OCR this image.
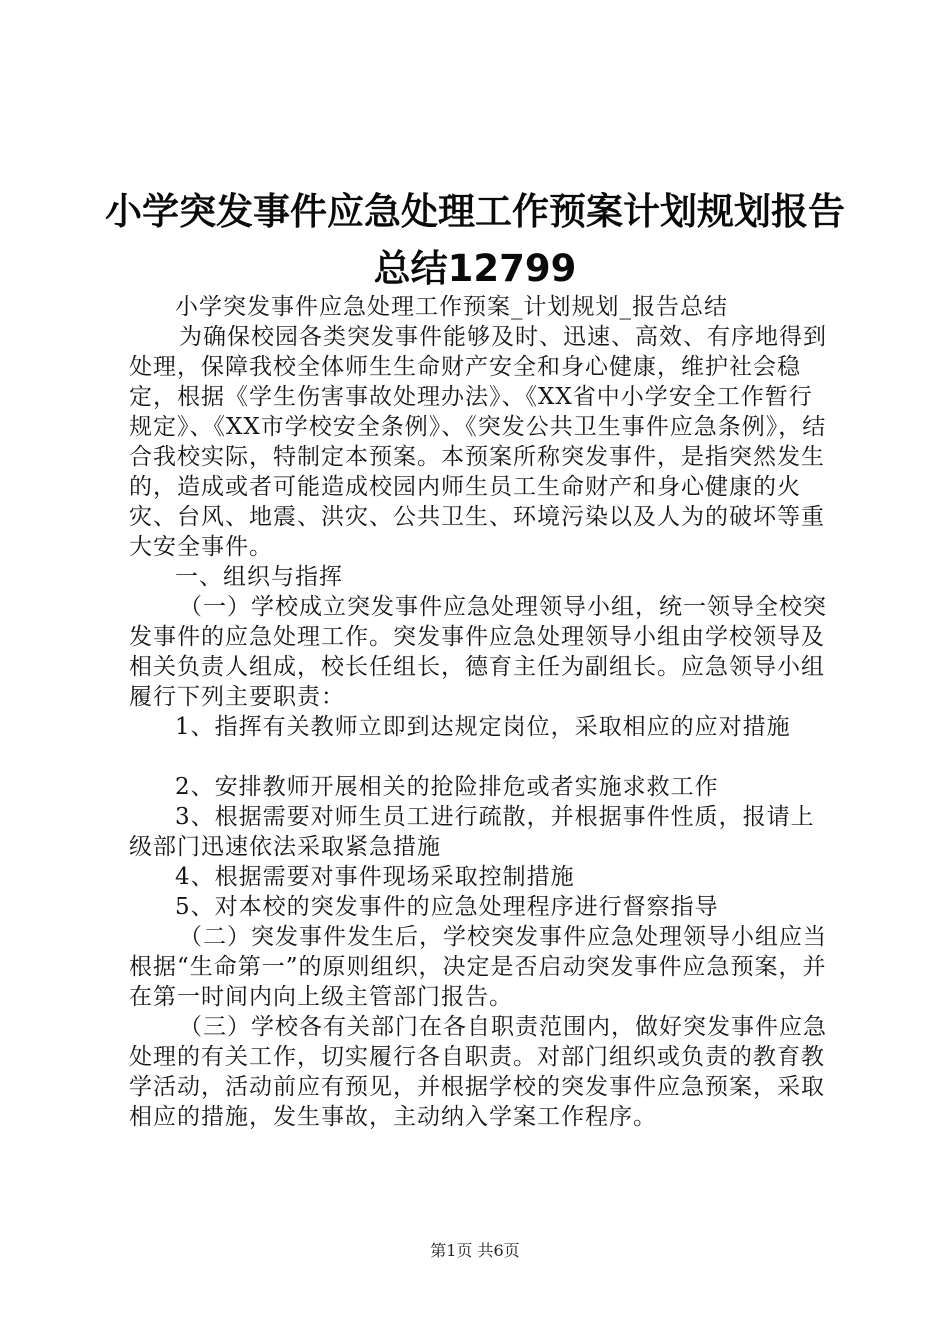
小学突发事件应急处理工作预案计划规划报告
总结12799

小学突发事件应急处理工作预案_计划规划_报告总结

为确保校园各类突发事件能够及时、迅速、高效、有序地得到处理，保障我校全体师生生命财产安全和身心健康，维护社会稳定，根据《学生伤害事故处理办法》、《XX省中小学安全工作暂行规定》、《XX市学校安全条例》、《突发公共卫生事件应急条例》，结合我校实际，特制定本预案。本预案所称突发事件，是指突然发生的，造成或者可能造成校园内师生员工生命财产和身心健康的火灾、台风、地震、洪灾、公共卫生、环境污染以及人为的破坏等重大安全事件。

一、组织与指挥

（一）学校成立突发事件应急处理领导小组，统一领导全校突发事件的应急处理工作。突发事件应急处理领导小组由学校领导及相关负责人组成，校长任组长，德育主任为副组长。应急领导小组履行下列主要职责：

1、指挥有关教师立即到达规定岗位，采取相应的应对措施

2、安排教师开展相关的抢险排危或者实施求救工作

3、根据需要对师生员工进行疏散，并根据事件性质，报请上级部门迅速依法采取紧急措施

4、根据需要对事件现场采取控制措施

5、对本校的突发事件的应急处理程序进行督察指导

（二）突发事件发生后，学校突发事件应急处理领导小组应当根据“生命第一”的原则组织，决定是否启动突发事件应急预案，并在第一时间内向上级主管部门报告。

（三）学校各有关部门在各自职责范围内，做好突发事件应急处理的有关工作，切实履行各自职责。对部门组织或负责的教育教学活动，活动前应有预见，并根据学校的突发事件应急预案，采取相应的措施，发生事故，主动纳入学案工作程序。

第1页 共6页
